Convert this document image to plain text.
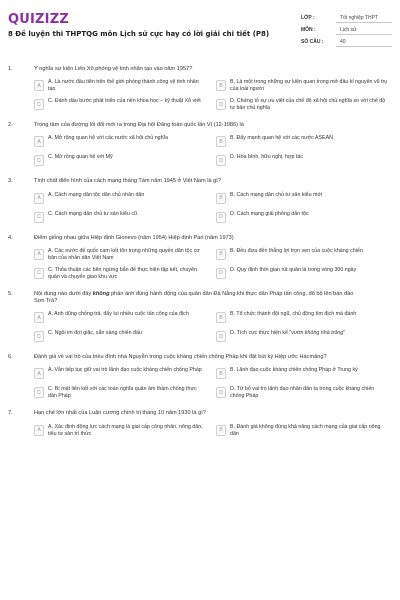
QUIZIZZ
8 Đề luyện thi THPTQG môn Lịch sử cực hay có lời giải chi tiết (P8)
LỚP :	Tốt nghiệp THPT
MÔN :	Lịch sử
SỐ CÂU :	40
1.	Ý nghĩa sự kiện Liên Xô phóng vệ tinh nhân tạo vào năm 1957?
A
A. Là nước đầu tiên trên thế giới phóng thành công vệ tinh nhân tạo
B
B. Là một trong những sự kiện quan trọng mở đầu kỉ nguyên vũ trụ của loài người
C
C. Đánh dấu bước phát triển của nền khoa học – kỹ thuật Xô viết
D
D. Chứng tỏ sự ưu việt của chế độ xã hội chủ nghĩa so với chế độ tư bản chủ nghĩa
2.	Trọng tâm của đường lối đổi mới ra trong Đại hội Đảng toàn quốc lần VI (12-1986) là
A
A. Mở rộng quan hệ với các nước xã hội chủ nghĩa
B
B. Đẩy mạnh quan hệ với các nước ASEAN
C
C. Mở rộng quan hệ với Mỹ
D
D. Hòa bình, hữu nghị, hợp tác
3.	Tính chất điển hình của cách mạng tháng Tám năm 1945 ở Việt Nam là gì?
A
A. Cách mạng dân tộc dân chủ nhân dân
B
B. Cách mạng dân chủ tư sản kiểu mới
C
C. Cách mạng dân chủ tư sản kiểu cũ
D
D. Cách mạng giải phóng dân tộc
4.	Điểm giống nhau giữa Hiệp định Gionevo (năm 1954) Hiệp định Pari (năm 1973)
A
A. Các nước đế quốc cam kết tôn trọng những quyền dân tộc cơ bản của nhân dân Việt Nam
B
B. Đều đưa đến thắng lợi trọn vẹn của cuộc kháng chiến
C
C. Thỏa thuận các bên ngừng bắn để thực hiện tập kết, chuyển quân và chuyển giao khu vực
D
D. Quy định thời gian rút quân là trong vòng 300 ngày
5.	Nội dung nào dưới đây không phản ánh đúng hành động của quân dân Đà Nẵng khi thực dân Pháp tấn công, đổ bộ lên bán đảo Sơn Trà?
A
A. Anh dũng chống trả, đẩy lui nhiều cuộc tấn công của địch
B
B. Tổ chức thành đội ngũ, chủ động tìm địch mà đánh
C
C. Ngôi im đợi giặc, sẵn sàng chiến đấu
D
D. Tích cực thực hiện kế "vườn không nhà trống"
6.	Đánh giá về vai trò của triều đình nhà Nguyễn trong cuộc kháng chiến chống Pháp khi đặt bút ký Hiệp ước Hácmăng?
A
A. Vẫn tiếp tục giữ vai trò lãnh đạo cuộc kháng chiến chống Pháp
B
B. Lãnh đạo cuộc kháng chiến chống Pháp ở Trung kỳ
C
C. Bí mật liên kết với các toán nghĩa quân âm thầm chống thực dân Pháp
D
D. Từ bỏ vai trò lãnh đạo nhân dân ta trong cuộc kháng chiến chống Pháp
7.	Hạn chế lớn nhất của Luận cương chính trị tháng 10 năm 1930 là gì?
A
A. Xác định động lực cách mạng là giai cấp công nhân, nông dân, tiểu tư sản trí thức
B
B. Đánh giá không đúng khả năng cách mạng của giai cấp nông dân
